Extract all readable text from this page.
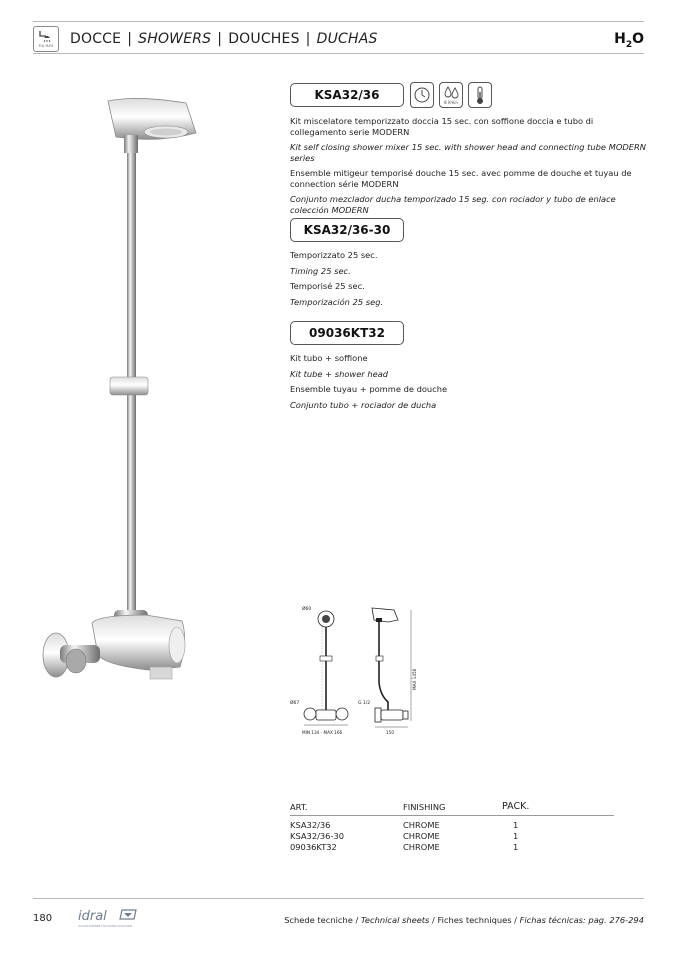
FUL FLEX DOCCE | SHOWERS | DOUCHES | DUCHAS	$H_2O$
KSA32/36
8 l/min

Kit miscelatore temporizzato doccia 15 sec. con soffione doccia e tubo di collegamento serie MODERN

Kit self closing shower mixer 15 sec. with shower head and connecting tube MODERN series

Ensemble mitigeur temporisé douche 15 sec. avec pomme de douche et tuyau de connection série MODERN

Conjunto mezclador ducha temporizado 15 seg. con rociador y tubo de enlace colección MODERN

KSA32/36-30

Temporizzato 25 sec.

Timing 25 sec.

Temporisé 25 sec.

Temporización 25 seg.

09036KT32

Kit tubo + soffione

Kit tube + shower head

Ensemble tuyau + pomme de douche

Conjunto tubo + rociador de ducha

Ø60
Ø67
MIN 134 - MAX 166
G 1/2
MAX 1450
150
ART.	FINISHING	PACK.
KSA32/36	CHROME	1
KSA32/36-30	CHROME	1
09036KT32	CHROME	1
180 idral
ITALIAN PARTNER FOR WATER SOLUTIONS
Schede tecniche / Technical sheets / Fiches techniques / Fichas técnicas: pag. 276-294
